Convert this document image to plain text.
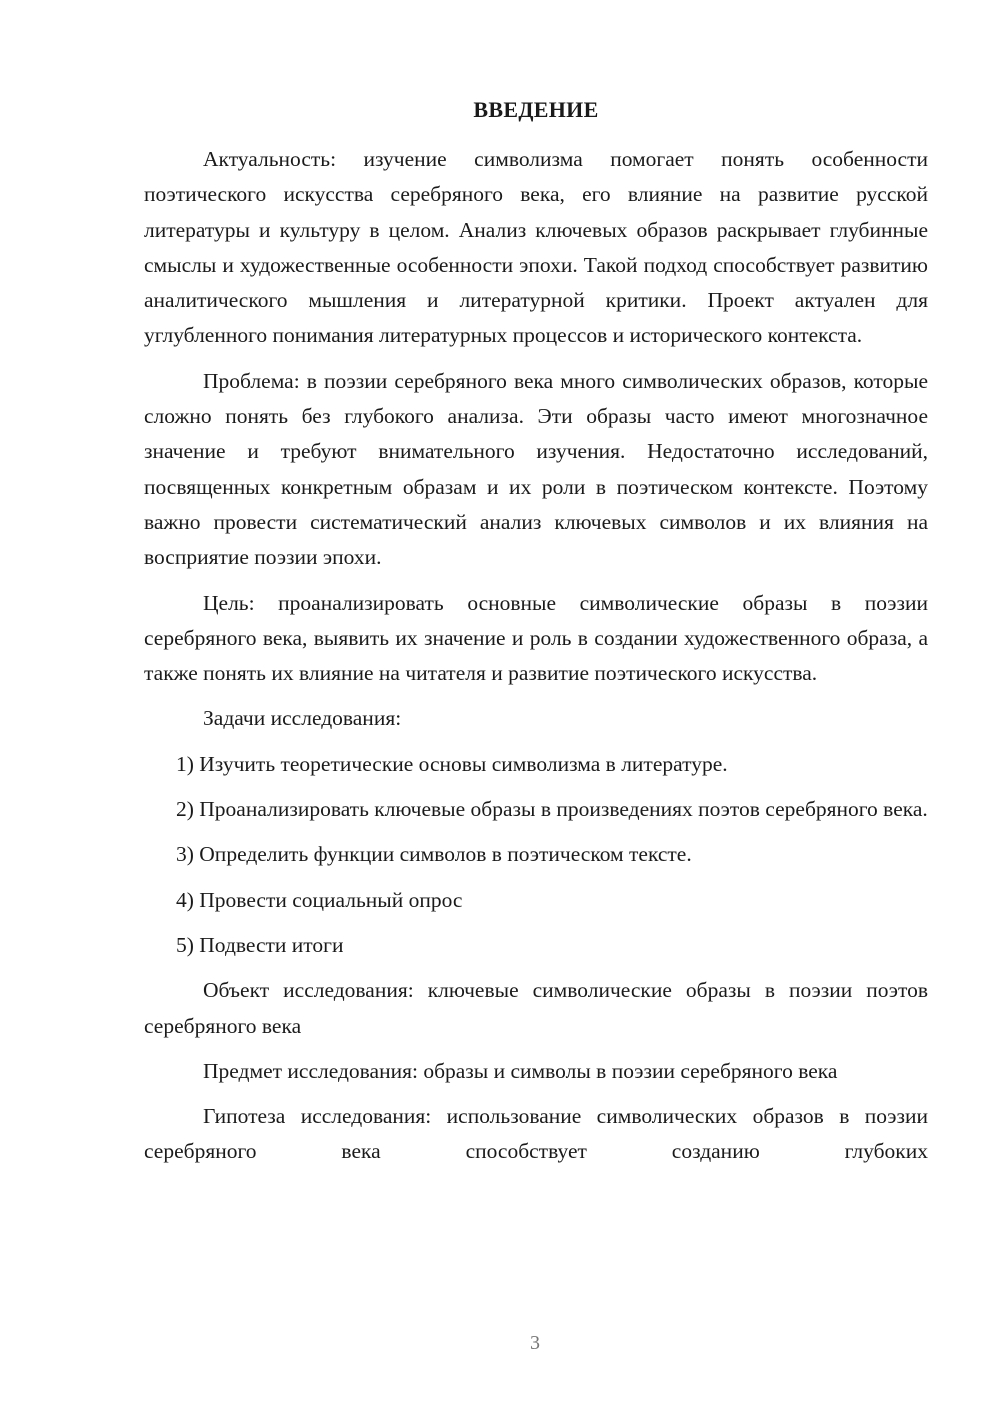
ВВЕДЕНИЕ

Актуальность: изучение символизма помогает понять особенности поэтического искусства серебряного века, его влияние на развитие русской литературы и культуру в целом. Анализ ключевых образов раскрывает глубинные смыслы и художественные особенности эпохи. Такой подход способствует развитию аналитического мышления и литературной критики. Проект актуален для углубленного понимания литературных процессов и исторического контекста.

Проблема: в поэзии серебряного века много символических образов, которые сложно понять без глубокого анализа. Эти образы часто имеют многозначное значение и требуют внимательного изучения. Недостаточно исследований, посвященных конкретным образам и их роли в поэтическом контексте. Поэтому важно провести систематический анализ ключевых символов и их влияния на восприятие поэзии эпохи.

Цель: проанализировать основные символические образы в поэзии серебряного века, выявить их значение и роль в создании художественного образа, а также понять их влияние на читателя и развитие поэтического искусства.

Задачи исследования:

1) Изучить теоретические основы символизма в литературе.

2) Проанализировать ключевые образы в произведениях поэтов серебряного века.

3) Определить функции символов в поэтическом тексте.

4) Провести социальный опрос

5) Подвести итоги

Объект исследования: ключевые символические образы в поэзии поэтов серебряного века

Предмет исследования: образы и символы в поэзии серебряного века

Гипотеза исследования: использование символических образов в поэзии серебряного века способствует созданию глубоких

3
